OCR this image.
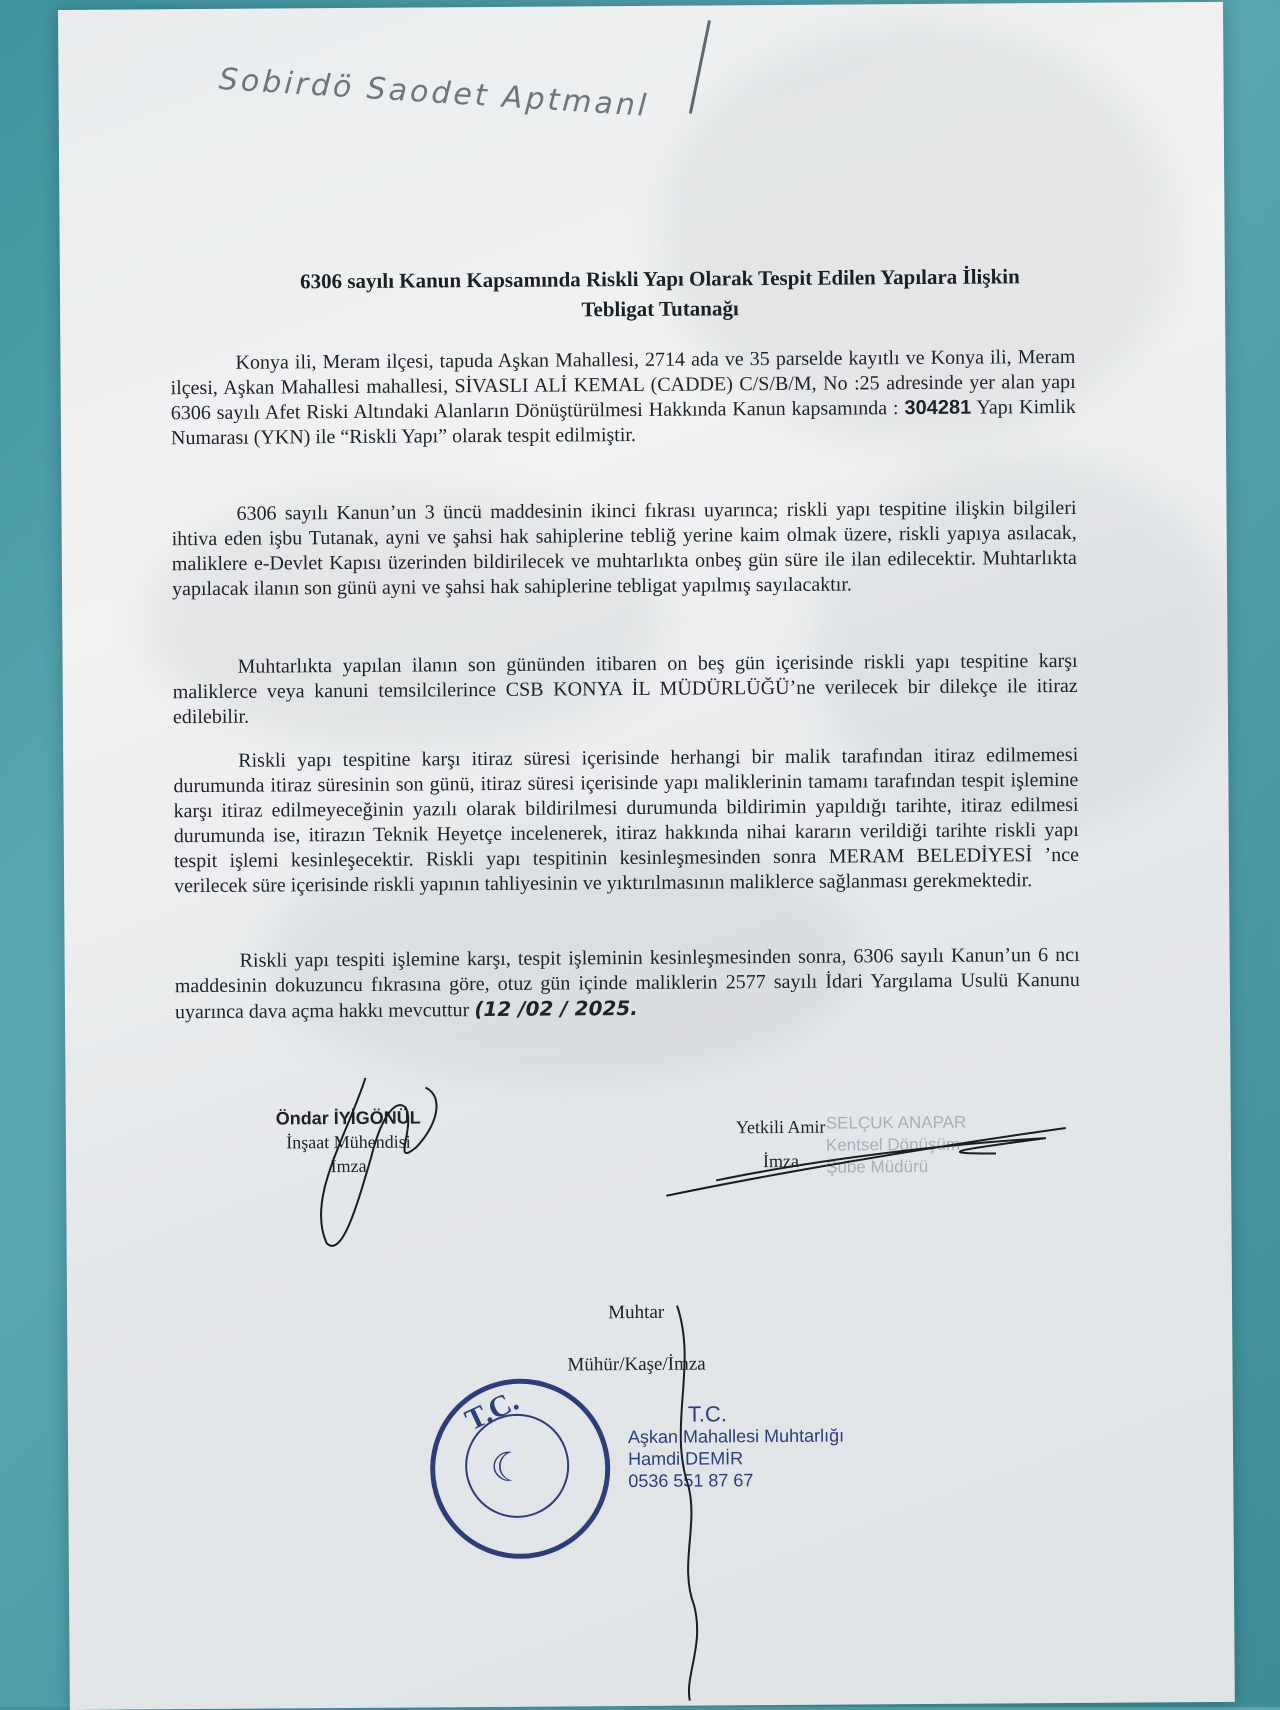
Sobirdö Saodet Aptmanl
6306 sayılı Kanun Kapsamında Riskli Yapı Olarak Tespit Edilen Yapılara İlişkin
Tebligat Tutanağı
Konya ili, Meram ilçesi, tapuda Aşkan Mahallesi, 2714 ada ve 35 parselde kayıtlı ve Konya ili, Meram ilçesi, Aşkan Mahallesi mahallesi, SİVASLI ALİ KEMAL (CADDE) C/S/B/M, No :25 adresinde yer alan yapı 6306 sayılı Afet Riski Altındaki Alanların Dönüştürülmesi Hakkında Kanun kapsamında : 304281 Yapı Kimlik Numarası (YKN) ile “Riskli Yapı” olarak tespit edilmiştir.
6306 sayılı Kanun’un 3 üncü maddesinin ikinci fıkrası uyarınca; riskli yapı tespitine ilişkin bilgileri ihtiva eden işbu Tutanak, ayni ve şahsi hak sahiplerine tebliğ yerine kaim olmak üzere, riskli yapıya asılacak, maliklere e-Devlet Kapısı üzerinden bildirilecek ve muhtarlıkta onbeş gün süre ile ilan edilecektir. Muhtarlıkta yapılacak ilanın son günü ayni ve şahsi hak sahiplerine tebligat yapılmış sayılacaktır.
Muhtarlıkta yapılan ilanın son gününden itibaren on beş gün içerisinde riskli yapı tespitine karşı maliklerce veya kanuni temsilcilerince CSB KONYA İL MÜDÜRLÜĞÜ’ne verilecek bir dilekçe ile itiraz edilebilir.
Riskli yapı tespitine karşı itiraz süresi içerisinde herhangi bir malik tarafından itiraz edilmemesi durumunda itiraz süresinin son günü, itiraz süresi içerisinde yapı maliklerinin tamamı tarafından tespit işlemine karşı itiraz edilmeyeceğinin yazılı olarak bildirilmesi durumunda bildirimin yapıldığı tarihte, itiraz edilmesi durumunda ise, itirazın Teknik Heyetçe incelenerek, itiraz hakkında nihai kararın verildiği tarihte riskli yapı tespit işlemi kesinleşecektir. Riskli yapı tespitinin kesinleşmesinden sonra MERAM BELEDİYESİ ’nce verilecek süre içerisinde riskli yapının tahliyesinin ve yıktırılmasının maliklerce sağlanması gerekmektedir.
Riskli yapı tespiti işlemine karşı, tespit işleminin kesinleşmesinden sonra, 6306 sayılı Kanun’un 6 ncı maddesinin dokuzuncu fıkrasına göre, otuz gün içinde maliklerin 2577 sayılı İdari Yargılama Usulü Kanunu uyarınca dava açma hakkı mevcuttur (12 /02 / 2025.
Öndar İYİGÖNÜL
İnşaat Mühendisi
İmza
SELÇUK ANAPAR
Kentsel Dönüşüm
Şube Müdürü
Yetkili Amir
İmza
Muhtar
Mühür/Kaşe/İmza
T.C.
☾
T.C.
Aşkan Mahallesi Muhtarlığı
Hamdi DEMİR
0536 551 87 67
